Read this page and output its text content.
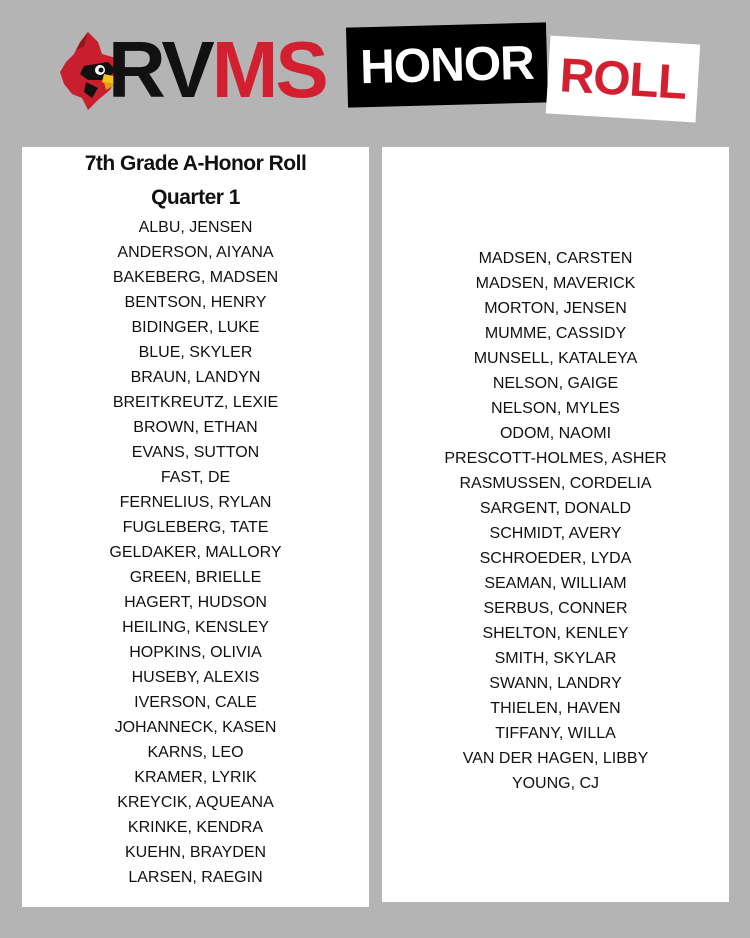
RVMS HONOR ROLL
7th Grade A-Honor Roll
Quarter 1
ALBU, JENSEN
ANDERSON, AIYANA
BAKEBERG, MADSEN
BENTSON, HENRY
BIDINGER, LUKE
BLUE, SKYLER
BRAUN, LANDYN
BREITKREUTZ, LEXIE
BROWN, ETHAN
EVANS, SUTTON
FAST, DE
FERNELIUS, RYLAN
FUGLEBERG, TATE
GELDAKER, MALLORY
GREEN, BRIELLE
HAGERT, HUDSON
HEILING, KENSLEY
HOPKINS, OLIVIA
HUSEBY, ALEXIS
IVERSON, CALE
JOHANNECK, KASEN
KARNS, LEO
KRAMER, LYRIK
KREYCIK, AQUEANA
KRINKE, KENDRA
KUEHN, BRAYDEN
LARSEN, RAEGIN
MADSEN, CARSTEN
MADSEN, MAVERICK
MORTON, JENSEN
MUMME, CASSIDY
MUNSELL, KATALEYA
NELSON, GAIGE
NELSON, MYLES
ODOM, NAOMI
PRESCOTT-HOLMES, ASHER
RASMUSSEN, CORDELIA
SARGENT, DONALD
SCHMIDT, AVERY
SCHROEDER, LYDA
SEAMAN, WILLIAM
SERBUS, CONNER
SHELTON, KENLEY
SMITH, SKYLAR
SWANN, LANDRY
THIELEN, HAVEN
TIFFANY, WILLA
VAN DER HAGEN, LIBBY
YOUNG, CJ
